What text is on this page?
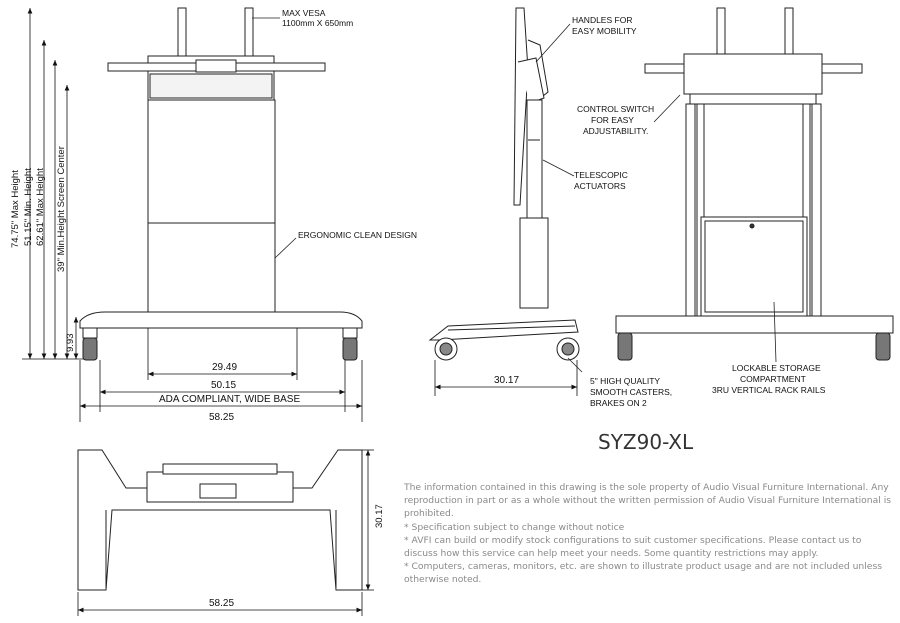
MAX VESA
1100mm X 650mm
ERGONOMIC CLEAN DESIGN
HANDLES FOR
EASY MOBILITY
CONTROL SWITCH
FOR EASY
ADJUSTABILITY.
TELESCOPIC
ACTUATORS
5" HIGH QUALITY
SMOOTH CASTERS,
BRAKES ON 2
LOCKABLE STORAGE
COMPARTMENT
3RU VERTICAL RACK RAILS
74.75" Max Height 51.15" Min. Height 62.61" Max Height 39" Min.Height Screen Center
9.93
29.49
50.15
ADA COMPLIANT, WIDE BASE
58.25
30.17
30.17
58.25
SYZ90-XL

The information contained in this drawing is the sole property of Audio Visual Furniture International. Any reproduction in part or as a whole without the written permission of Audio Visual Furniture International is prohibited.

* Specification subject to change without notice

* AVFI can build or modify stock configurations to suit customer specifications. Please contact us to discuss how this service can help meet your needs. Some quantity restrictions may apply.

* Computers, cameras, monitors, etc. are shown to illustrate product usage and are not included unless otherwise noted.
